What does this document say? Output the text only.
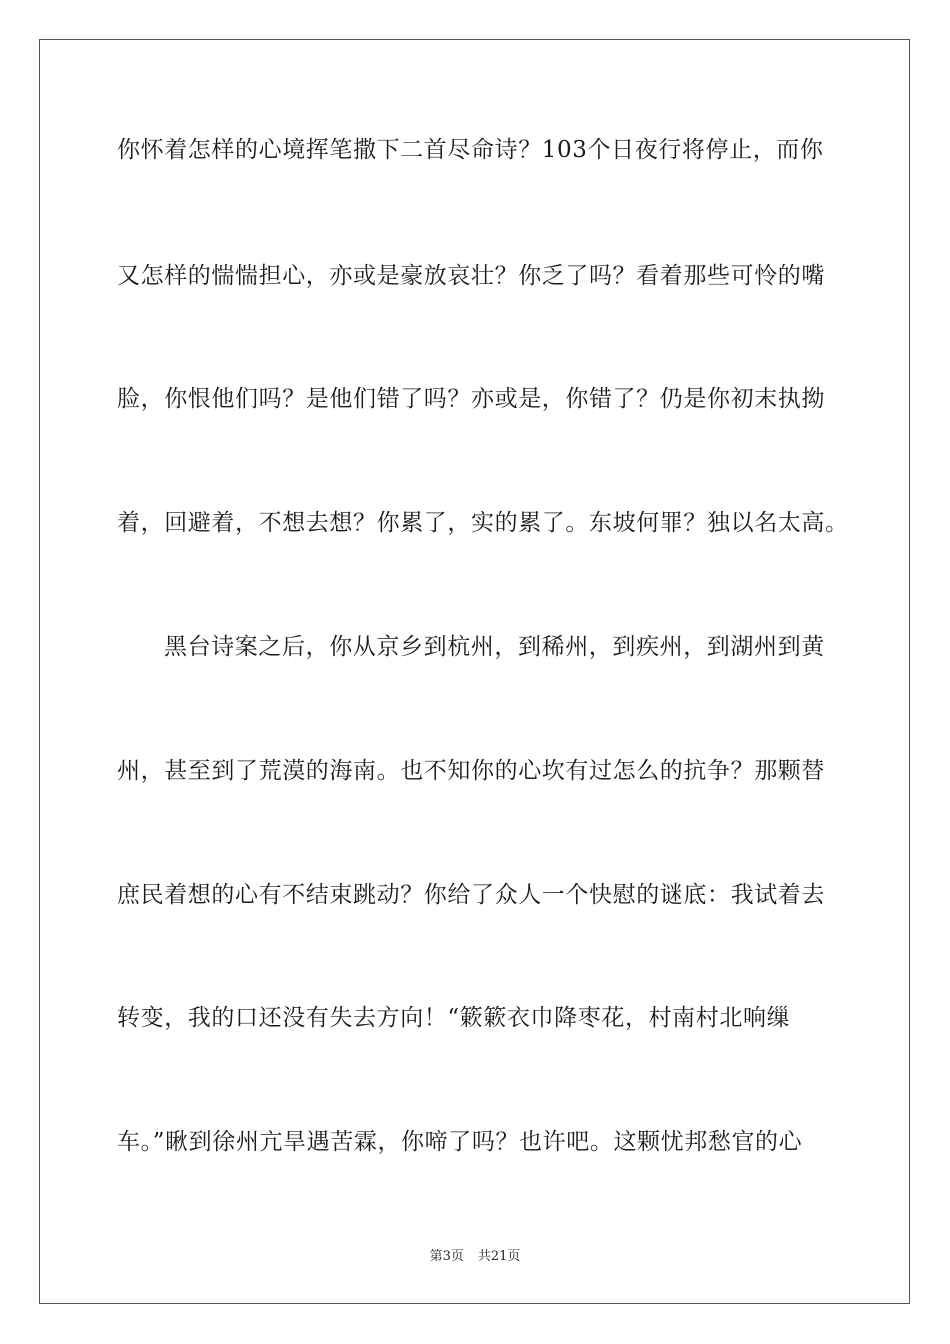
你怀着怎样的心境挥笔撒下二首尽命诗？103个日夜行将停止，而你
又怎样的惴惴担心，亦或是豪放哀壮？你乏了吗？看着那些可怜的嘴
脸，你恨他们吗？是他们错了吗？亦或是，你错了？仍是你初末执拗
着，回避着，不想去想？你累了，实的累了。东坡何罪？独以名太高。
黑台诗案之后，你从京乡到杭州，到稀州，到疾州，到湖州到黄
州，甚至到了荒漠的海南。也不知你的心坎有过怎么的抗争？那颗替
庶民着想的心有不结束跳动？你给了众人一个快慰的谜底：我试着去
转变，我的口还没有失去方向！“簌簌衣巾降枣花，村南村北响缫
车。”瞅到徐州亢旱遇苦霖，你啼了吗？也许吧。这颗忧邦愁官的心
第3页 共21页
